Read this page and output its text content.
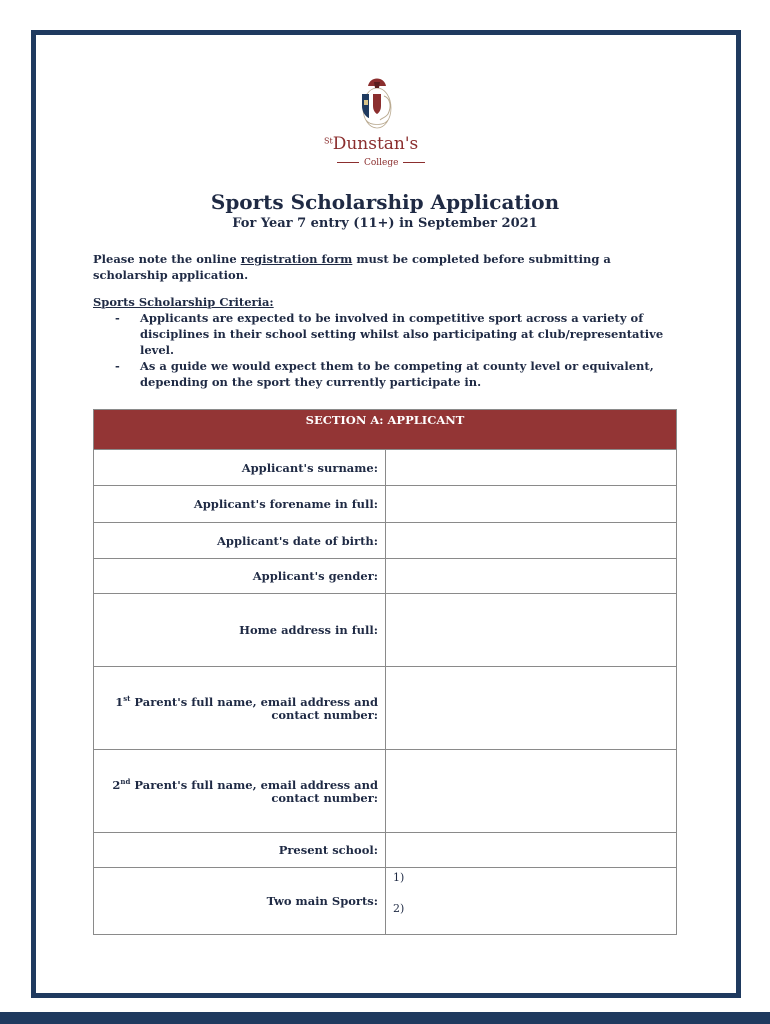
$^{St}$Dunstan's
College
Sports Scholarship Application
For Year 7 entry (11+) in September 2021
Please note the online registration form must be completed before submitting a scholarship application.
Sports Scholarship Criteria:
- Applicants are expected to be involved in competitive sport across a variety of disciplines in their school setting whilst also participating at club/representative level.
- As a guide we would expect them to be competing at county level or equivalent, depending on the sport they currently participate in.
SECTION A: APPLICANT	
Applicant's surname:	
Applicant's forename in full:	
Applicant's date of birth:	
Applicant's gender:	
Home address in full:	
1st Parent's full name, email address and contact number:	
2nd Parent's full name, email address and contact number:	
Present school:	
Two main Sports:	1)
2)
